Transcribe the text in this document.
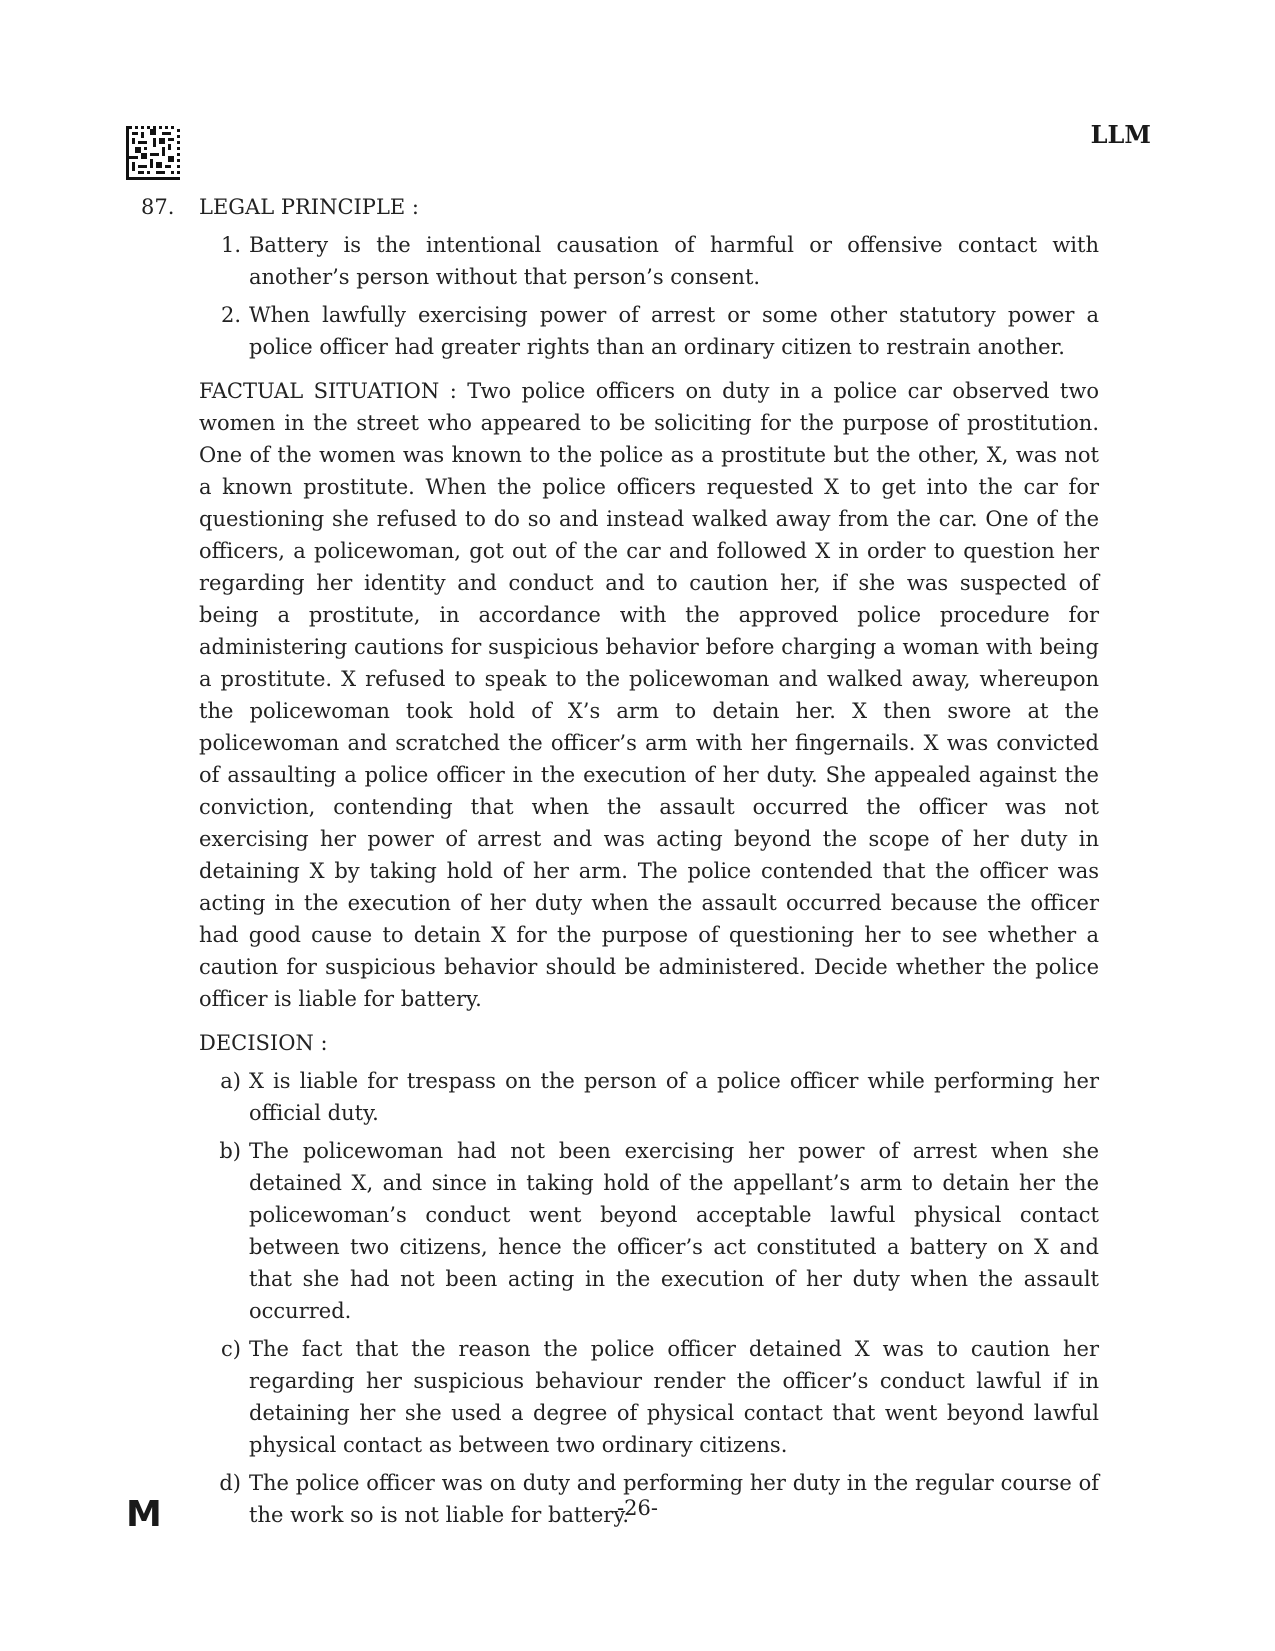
LLM
87. LEGAL PRINCIPLE :
1. Battery is the intentional causation of harmful or offensive contact with another’s person without that person’s consent.
2. When lawfully exercising power of arrest or some other statutory power a police officer had greater rights than an ordinary citizen to restrain another.

FACTUAL SITUATION : Two police officers on duty in a police car observed two women in the street who appeared to be soliciting for the purpose of prostitution. One of the women was known to the police as a prostitute but the other, X, was not a known prostitute. When the police officers requested X to get into the car for questioning she refused to do so and instead walked away from the car. One of the officers, a policewoman, got out of the car and followed X in order to question her regarding her identity and conduct and to caution her, if she was suspected of being a prostitute, in accordance with the approved police procedure for administering cautions for suspicious behavior before charging a woman with being a prostitute. X refused to speak to the policewoman and walked away, whereupon the policewoman took hold of X’s arm to detain her. X then swore at the policewoman and scratched the officer’s arm with her fingernails. X was convicted of assaulting a police officer in the execution of her duty. She appealed against the conviction, contending that when the assault occurred the officer was not exercising her power of arrest and was acting beyond the scope of her duty in detaining X by taking hold of her arm. The police contended that the officer was acting in the execution of her duty when the assault occurred because the officer had good cause to detain X for the purpose of questioning her to see whether a caution for suspicious behavior should be administered. Decide whether the police officer is liable for battery.

DECISION :
a) X is liable for trespass on the person of a police officer while performing her official duty.
b) The policewoman had not been exercising her power of arrest when she detained X, and since in taking hold of the appellant’s arm to detain her the policewoman’s conduct went beyond acceptable lawful physical contact between two citizens, hence the officer’s act constituted a battery on X and that she had not been acting in the execution of her duty when the assault occurred.
c) The fact that the reason the police officer detained X was to caution her regarding her suspicious behaviour render the officer’s conduct lawful if in detaining her she used a degree of physical contact that went beyond lawful physical contact as between two ordinary citizens.
d) The police officer was on duty and performing her duty in the regular course of the work so is not liable for battery.
M	-26-
